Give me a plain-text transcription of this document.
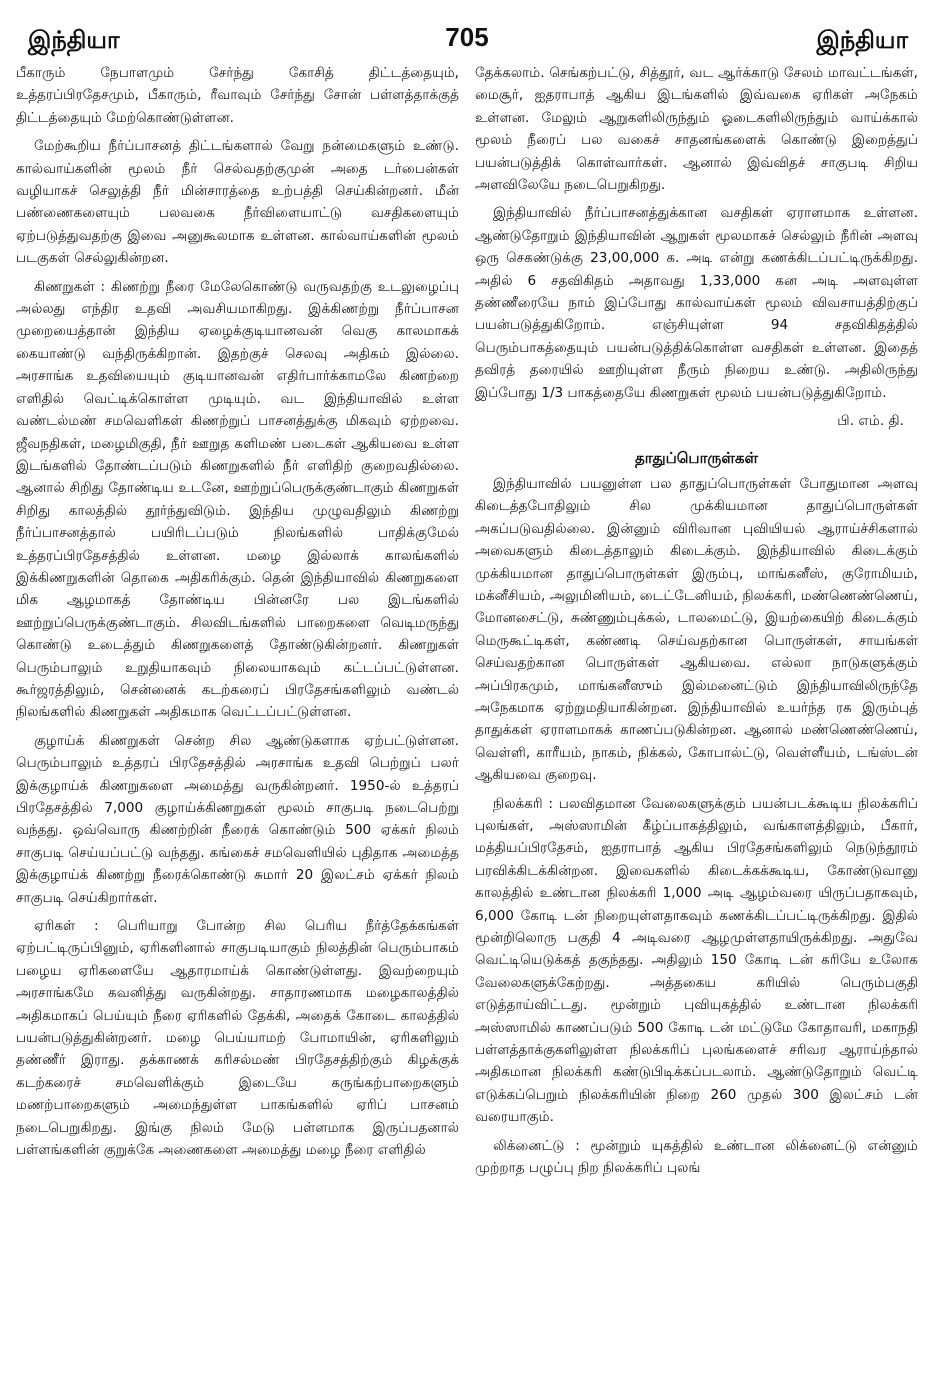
இந்தியா	705	இந்தியா

பீகாரும் நேபாளமும் சேர்ந்து கோசித் திட்டத்தையும், உத்தரப்பிரதேசமும், பீகாரும், ரீவாவும் சேர்ந்து சோன் பள்ளத்தாக்குத் திட்டத்தையும் மேற்கொண்டுள்ளன.

மேற்கூறிய நீர்ப்பாசனத் திட்டங்களால் வேறு நன்மைகளும் உண்டு. கால்வாய்களின் மூலம் நீர் செல்வதற்குமுன் அதை டர்பைன்கள் வழியாகச் செலுத்தி நீர் மின்சாரத்தை உற்பத்தி செய்கின்றனர். மீன் பண்ணைகளையும் பலவகை நீர்விளையாட்டு வசதிகளையும் ஏற்படுத்துவதற்கு இவை அனுகூலமாக உள்ளன. கால்வாய்களின் மூலம் படகுகள் செல்லுகின்றன.

கிணறுகள் : கிணற்று நீரை மேலேகொண்டு வருவதற்கு உடலுழைப்பு அல்லது எந்திர உதவி அவசியமாகிறது. இக்கிணற்று நீர்ப்பாசன முறையைத்தான் இந்திய ஏழைக்குடியானவன் வெகு காலமாகக் கையாண்டு வந்திருக்கிறான். இதற்குச் செலவு அதிகம் இல்லை. அரசாங்க உதவியையும் குடியானவன் எதிர்பார்க்காமலே கிணற்றை எளிதில் வெட்டிக்கொள்ள முடியும். வட இந்தியாவில் உள்ள வண்டல்மண் சமவெளிகள் கிணற்றுப் பாசனத்துக்கு மிகவும் ஏற்றவை. ஜீவநதிகள், மழைமிகுதி, நீர் ஊறுத களிமண் படைகள் ஆகியவை உள்ள இடங்களில் தோண்டப்படும் கிணறுகளில் நீர் எளிதிற் குறைவதில்லை. ஆனால் சிறிது தோண்டிய உடனே, ஊற்றுப்பெருக்குண்டாகும் கிணறுகள் சிறிது காலத்தில் தூர்ந்துவிடும். இந்திய முழுவதிலும் கிணற்று நீர்ப்பாசனத்தால் பயிரிடப்படும் நிலங்களில் பாதிக்குமேல் உத்தரப்பிரதேசத்தில் உள்ளன. மழை இல்லாக் காலங்களில் இக்கிணறுகளின் தொகை அதிகரிக்கும். தென் இந்தியாவில் கிணறுகளை மிக ஆழமாகத் தோண்டிய பின்னரே பல இடங்களில் ஊற்றுப்பெருக்குண்டாகும். சிலவிடங்களில் பாறைகளை வெடிமருந்து கொண்டு உடைத்தும் கிணறுகளைத் தோண்டுகின்றனர். கிணறுகள் பெரும்பாலும் உறுதியாகவும் நிலையாகவும் கட்டப்பட்டுள்ளன. கூர்ஜரத்திலும், சென்னைக் கடற்கரைப் பிரதேசங்களிலும் வண்டல் நிலங்களில் கிணறுகள் அதிகமாக வெட்டப்பட்டுள்ளன.

குழாய்க் கிணறுகள் சென்ற சில ஆண்டுகளாக ஏற்பட்டுள்ளன. பெரும்பாலும் உத்தரப் பிரதேசத்தில் அரசாங்க உதவி பெற்றுப் பலர் இக்குழாய்க் கிணறுகளை அமைத்து வருகின்றனர். 1950-ல் உத்தரப் பிரதேசத்தில் 7,000 குழாய்க்கிணறுகள் மூலம் சாகுபடி நடைபெற்று வந்தது. ஒவ்வொரு கிணற்றின் நீரைக் கொண்டும் 500 ஏக்கர் நிலம் சாகுபடி செய்யப்பட்டு வந்தது. கங்கைச் சமவெளியில் புதிதாக அமைத்த இக்குழாய்க் கிணற்று நீரைக்கொண்டு சுமார் 20 இலட்சம் ஏக்கர் நிலம் சாகுபடி செய்கிறார்கள்.

ஏரிகள் : பெரியாறு போன்ற சில பெரிய நீர்த்தேக்கங்கள் ஏற்பட்டிருப்பினும், ஏரிகளினால் சாகுபடியாகும் நிலத்தின் பெரும்பாகம் பழைய ஏரிகளையே ஆதாரமாய்க் கொண்டுள்ளது. இவற்றையும் அரசாங்கமே கவனித்து வருகின்றது. சாதாரணமாக மழைகாலத்தில் அதிகமாகப் பெய்யும் நீரை ஏரிகளில் தேக்கி, அதைக் கோடை காலத்தில் பயன்படுத்துகின்றனர். மழை பெய்யாமற் போமாயின், ஏரிகளிலும் தண்ணீர் இராது. தக்காணக் கரிசல்மண் பிரதேசத்திற்கும் கிழக்குக் கடற்கரைச் சமவெளிக்கும் இடையே கருங்கற்பாறைகளும் மணற்பாறைகளும் அமைந்துள்ள பாகங்களில் ஏரிப் பாசனம் நடைபெறுகிறது. இங்கு நிலம் மேடு பள்ளமாக இருப்பதனால் பள்ளங்களின் குறுக்கே அணைகளை அமைத்து மழை நீரை எளிதில்

தேக்கலாம். செங்கற்பட்டு, சித்தூர், வட ஆர்க்காடு சேலம் மாவட்டங்கள், மைசூர், ஐதராபாத் ஆகிய இடங்களில் இவ்வகை ஏரிகள் அநேகம் உள்ளன. மேலும் ஆறுகளிலிருந்தும் ஓடைகளிலிருந்தும் வாய்க்கால் மூலம் நீரைப் பல வகைச் சாதனங்களைக் கொண்டு இறைத்துப் பயன்படுத்திக் கொள்வார்கள். ஆனால் இவ்விதச் சாகுபடி சிறிய அளவிலேயே நடைபெறுகிறது.

இந்தியாவில் நீர்ப்பாசனத்துக்கான வசதிகள் ஏராளமாக உள்ளன. ஆண்டுதோறும் இந்தியாவின் ஆறுகள் மூலமாகச் செல்லும் நீரின் அளவு ஒரு செகண்டுக்கு 23,00,000 க. அடி என்று கணக்கிடப்பட்டிருக்கிறது. அதில் 6 சதவிகிதம் அதாவது 1,33,000 கன அடி அளவுள்ள தண்ணீரையே நாம் இப்போது கால்வாய்கள் மூலம் விவசாயத்திற்குப் பயன்படுத்துகிறோம். எஞ்சியுள்ள 94 சதவிகிதத்தில் பெரும்பாகத்தையும் பயன்படுத்திக்கொள்ள வசதிகள் உள்ளன. இதைத் தவிரத் தரையில் ஊறியுள்ள நீரும் நிறைய உண்டு. அதிலிருந்து இப்போது 1/3 பாகத்தையே கிணறுகள் மூலம் பயன்படுத்துகிறோம்.

பி. எம். தி.
தாதுப்பொருள்கள்

இந்தியாவில் பயனுள்ள பல தாதுப்பொருள்கள் போதுமான அளவு கிடைத்தபோதிலும் சில முக்கியமான தாதுப்பொருள்கள் அகப்படுவதில்லை. இன்னும் விரிவான புவியியல் ஆராய்ச்சிகளால் அவைகளும் கிடைத்தாலும் கிடைக்கும். இந்தியாவில் கிடைக்கும் முக்கியமான தாதுப்பொருள்கள் இரும்பு, மாங்கனீஸ், குரோமியம், மக்னீசியம், அலுமினியம், டைட்டேனியம், நிலக்கரி, மண்ணெண்ணெய், மோனசைட்டு, சுண்ணும்புக்கல், டாலமைட்டு, இயற்கையிற் கிடைக்கும் மெருகூட்டிகள், கண்ணடி செய்வதற்கான பொருள்கள், சாயங்கள் செய்வதற்கான பொருள்கள் ஆகியவை. எல்லா நாடுகளுக்கும் அப்பிரகமும், மாங்கனீஸும் இல்மனைட்டும் இந்தியாவிலிருந்தே அநேகமாக ஏற்றுமதியாகின்றன. இந்தியாவில் உயர்ந்த ரக இரும்புத் தாதுக்கள் ஏராளமாகக் காணப்படுகின்றன. ஆனால் மண்ணெண்ணெய், வெள்ளி, காரீயம், நாகம், நிக்கல், கோபால்ட்டு, வெள்ளீயம், டங்ஸ்டன் ஆகியவை குறைவு.

நிலக்கரி : பலவிதமான வேலைகளுக்கும் பயன்படக்கூடிய நிலக்கரிப் புலங்கள், அஸ்ஸாமின் கீழ்ப்பாகத்திலும், வங்காளத்திலும், பீகார், மத்தியப்பிரதேசம், ஐதராபாத் ஆகிய பிரதேசங்களிலும் நெடுந்தூரம் பரவிக்கிடக்கின்றன. இவைகளில் கிடைக்கக்கூடிய, கோண்டுவானு காலத்தில் உண்டான நிலக்கரி 1,000 அடி ஆழம்வரை யிருப்பதாகவும், 6,000 கோடி டன் நிறையுள்ளதாகவும் கணக்கிடப்பட்டிருக்கிறது. இதில் மூன்றிலொரு பகுதி 4 அடிவரை ஆழமுள்ளதாயிருக்கிறது. அதுவே வெட்டியெடுக்கத் தகுந்தது. அதிலும் 150 கோடி டன் கரியே உலோக வேலைகளுக்கேற்றது. அத்தகைய கரியில் பெரும்பகுதி எடுத்தாய்விட்டது. மூன்றும் புவியுகத்தில் உண்டான நிலக்கரி அஸ்ஸாமில் காணப்படும் 500 கோடி டன் மட்டுமே கோதாவரி, மகாநதி பள்ளத்தாக்குகளிலுள்ள நிலக்கரிப் புலங்களைச் சரிவர ஆராய்ந்தால் அதிகமான நிலக்கரி கண்டுபிடிக்கப்படலாம். ஆண்டுதோறும் வெட்டி எடுக்கப்பெறும் நிலக்கரியின் நிறை 260 முதல் 300 இலட்சம் டன் வரையாகும்.

லிக்னைட்டு : மூன்றும் யுகத்தில் உண்டான லிக்னைட்டு என்னும் முற்றாத பழுப்பு நிற நிலக்கரிப் புலங்
